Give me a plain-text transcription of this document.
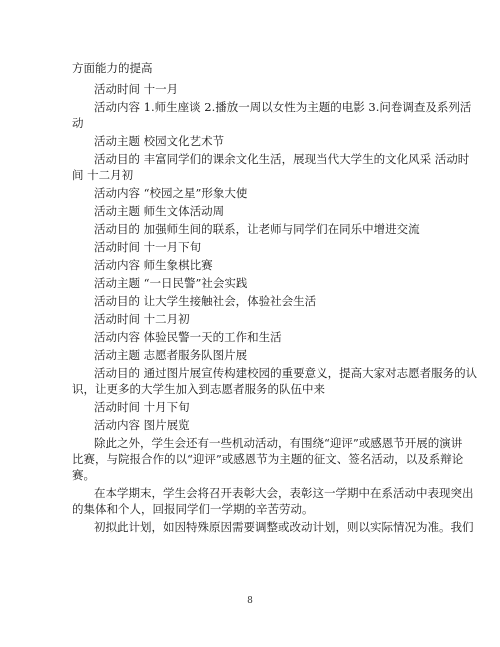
方面能力的提高
活动时间 十一月
活动内容 1.师生座谈 2.播放一周以女性为主题的电影 3.问卷调查及系列活
动
活动主题 校园文化艺术节
活动目的 丰富同学们的课余文化生活，展现当代大学生的文化风采 活动时
间 十二月初
活动内容 “校园之星”形象大使
活动主题 师生文体活动周
活动目的 加强师生间的联系，让老师与同学们在同乐中增进交流
活动时间 十一月下旬
活动内容 师生象棋比赛
活动主题 “一日民警”社会实践
活动目的 让大学生接触社会，体验社会生活
活动时间 十二月初
活动内容 体验民警一天的工作和生活
活动主题 志愿者服务队图片展
活动目的 通过图片展宣传构建校园的重要意义，提高大家对志愿者服务的认
识，让更多的大学生加入到志愿者服务的队伍中来
活动时间 十月下旬
活动内容 图片展览
除此之外，学生会还有一些机动活动，有围绕“迎评”或感恩节开展的演讲
比赛，与院报合作的以“迎评”或感恩节为主题的征文、签名活动，以及系辩论
赛。
在本学期末，学生会将召开表彰大会，表彰这一学期中在系活动中表现突出
的集体和个人，回报同学们一学期的辛苦劳动。
初拟此计划，如因特殊原因需要调整或改动计划，则以实际情况为准。我们
8
